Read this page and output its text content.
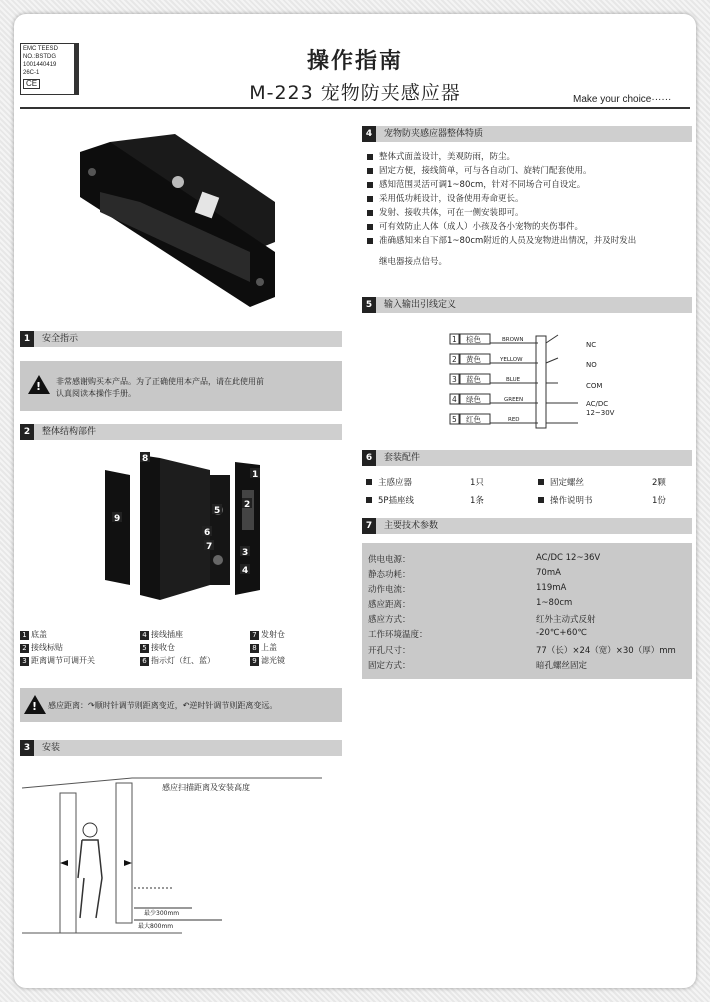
EMC TEESD
NO.:BSTDG
1001440419
26C-1
CE
操作指南
M-223 宠物防夹感应器	Make your choice······
1 安全指示
!
非常感谢购买本产品。为了正确使用本产品，请在此使用前
认真阅读本操作手册。
2 整体结构部件
8
9
1
5
2
6
7
3
4
1 底盖	4 接线插座	7 发射仓
2 接线标贴	5 接收仓	8 上盖
3 距离调节可调开关	6 指示灯（红、蓝）	9 滤光镜
!
感应距离：↷顺时针调节则距离变近，↶逆时针调节则距离变远。
3 安装
感应扫描距离及安装高度
最少300mm
最大800mm
4 宠物防夹感应器整体特质
整体式面盖设计，美观防雨，防尘。
固定方便，接线简单，可与各自动门、旋转门配套使用。
感知范围灵活可调1~80cm，针对不同场合可自设定。
采用低功耗设计，设备使用寿命更长。
发射、接收共体，可在一侧安装即可。
可有效防止人体（成人）小孩及各小宠物的夹伤事件。
准确感知来自下部1~80cm附近的人员及宠物进出情况，并及时发出
继电器接点信号。
5 输入输出引线定义
1 棕色	BROWN
2 黄色	YELLOW
3 蓝色	BLUE
4 绿色	GREEN
5 红色	RED
NC
NO
COM
AC/DC
12~30V
6 套装配件
主感应器	1只	固定螺丝	2颗
5P插座线	1条	操作说明书	1份
7 主要技术参数
供电电源：	AC/DC 12~36V
静态功耗：	70mA
动作电流：	119mA
感应距离：	1~80cm
感应方式：	红外主动式反射
工作环境温度：	-20℃+60℃
开孔尺寸：	77（长）×24（宽）×30（厚）mm
固定方式：	暗孔螺丝固定
